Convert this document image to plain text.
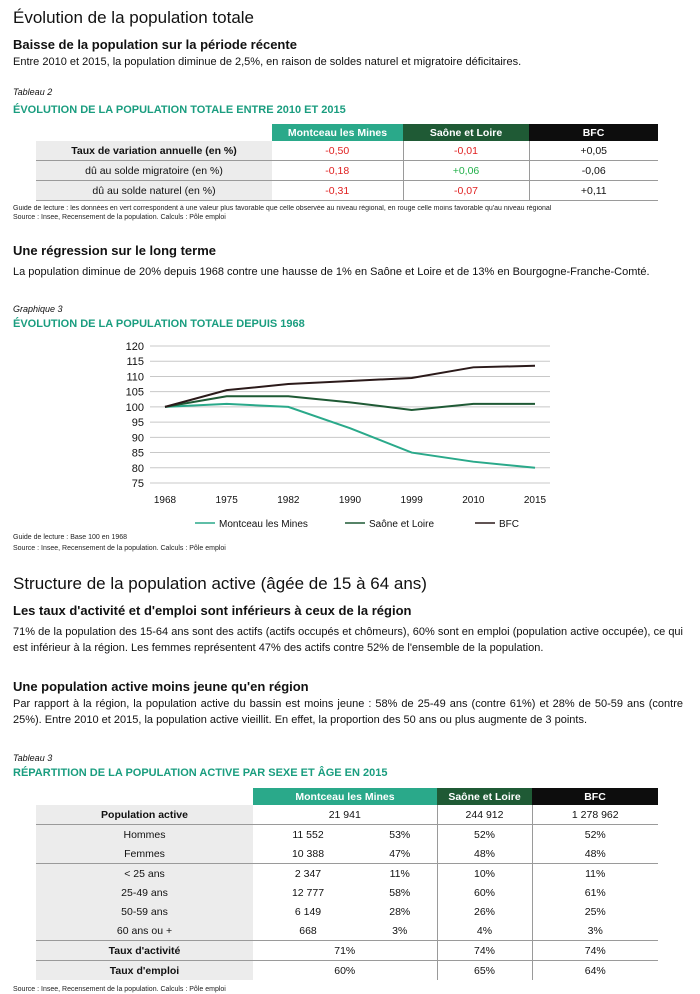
Évolution de la population totale
Baisse de la population sur la période récente
Entre 2010 et 2015, la population diminue de 2,5%, en raison de soldes naturel et migratoire déficitaires.
Tableau 2
ÉVOLUTION DE LA POPULATION TOTALE ENTRE 2010 ET 2015
	Montceau les Mines	Saône et Loire	BFC
Taux de variation annuelle (en %)	-0,50	-0,01	+0,05
dû au solde migratoire (en %)	-0,18	+0,06	-0,06
dû au solde naturel (en %)	-0,31	-0,07	+0,11
Guide de lecture : les données en vert correspondent à une valeur plus favorable que celle observée au niveau régional, en rouge celle moins favorable qu'au niveau régional
Source : Insee, Recensement de la population. Calculs : Pôle emploi
Une régression sur le long terme
La population diminue de 20% depuis 1968 contre une hausse de 1% en Saône et Loire et de 13% en Bourgogne-Franche-Comté.
Graphique 3
ÉVOLUTION DE LA POPULATION TOTALE DEPUIS 1968
75
80
85
90
95
100
105
110
115
120
1968	1975	1982	1990	1999	2010	2015
Montceau les Mines	Saône et Loire	BFC
Guide de lecture : Base 100 en 1968
Source : Insee, Recensement de la population. Calculs : Pôle emploi
Structure de la population active (âgée de 15 à 64 ans)
Les taux d'activité et d'emploi sont inférieurs à ceux de la région
71% de la population des 15-64 ans sont des actifs (actifs occupés et chômeurs), 60% sont en emploi (population active occupée), ce qui est inférieur à la région. Les femmes représentent 47% des actifs contre 52% de l'ensemble de la population.
Une population active moins jeune qu'en région
Par rapport à la région, la population active du bassin est moins jeune : 58% de 25-49 ans (contre 61%) et 28% de 50-59 ans (contre 25%). Entre 2010 et 2015, la population active vieillit. En effet, la proportion des 50 ans ou plus augmente de 3 points.
Tableau 3
RÉPARTITION DE LA POPULATION ACTIVE PAR SEXE ET ÂGE EN 2015
	Montceau les Mines		Saône et Loire	BFC
Population active	21 941		244 912	1 278 962
Hommes	11 552	53%	52%	52%
Femmes	10 388	47%	48%	48%
< 25 ans	2 347	11%	10%	11%
25-49 ans	12 777	58%	60%	61%
50-59 ans	6 149	28%	26%	25%
60 ans ou +	668	3%	4%	3%
Taux d'activité	71%		74%	74%
Taux d'emploi	60%		65%	64%
Source : Insee, Recensement de la population. Calculs : Pôle emploi
